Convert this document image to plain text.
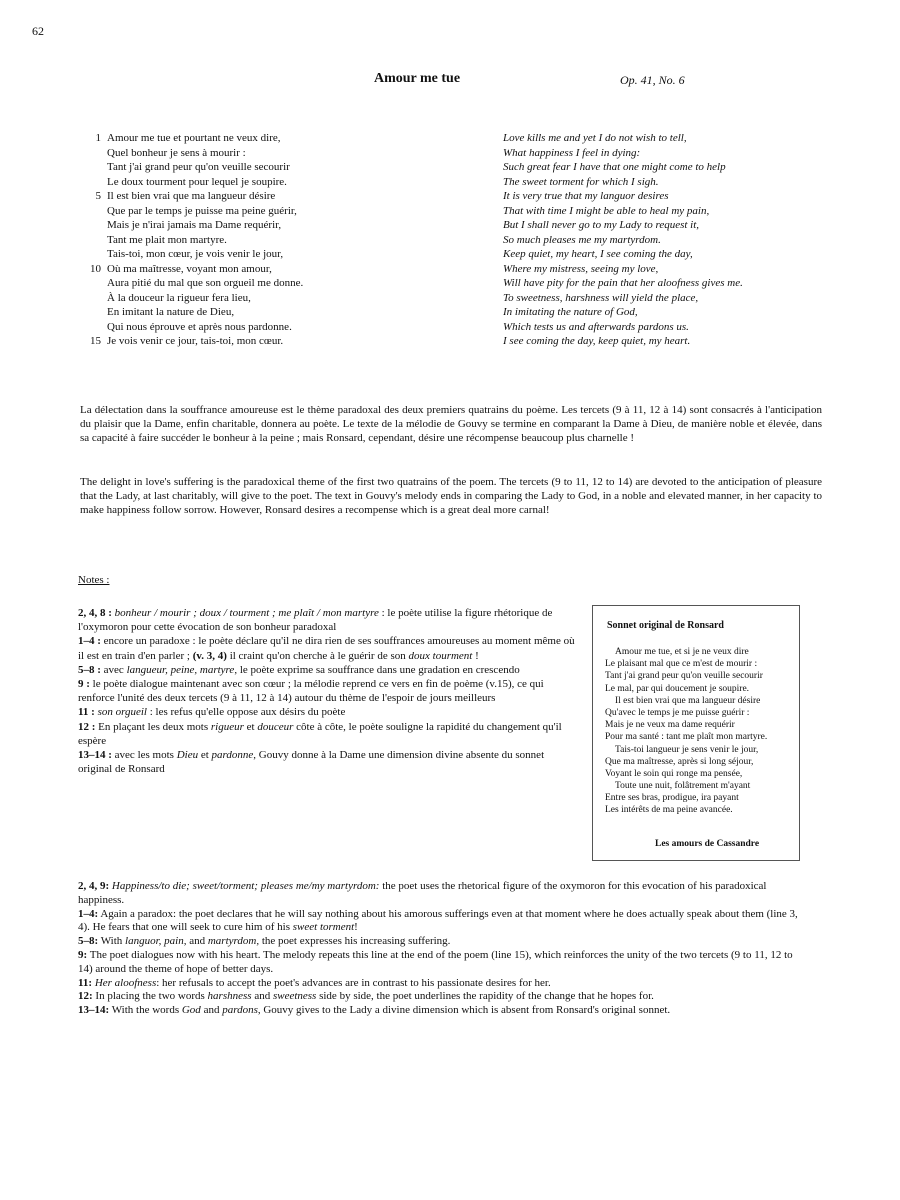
62
Amour me tue	Op. 41, No. 6
1 Amour me tue et pourtant ne veux dire,
Quel bonheur je sens à mourir :
Tant j'ai grand peur qu'on veuille secourir
Le doux tourment pour lequel je soupire.
5 Il est bien vrai que ma langueur désire
Que par le temps je puisse ma peine guérir,
Mais je n'irai jamais ma Dame requérir,
Tant me plait mon martyre.
Tais-toi, mon cœur, je vois venir le jour,
10 Où ma maîtresse, voyant mon amour,
Aura pitié du mal que son orgueil me donne.
À la douceur la rigueur fera lieu,
En imitant la nature de Dieu,
Qui nous éprouve et après nous pardonne.
15 Je vois venir ce jour, tais-toi, mon cœur.
Love kills me and yet I do not wish to tell,
What happiness I feel in dying:
Such great fear I have that one might come to help
The sweet torment for which I sigh.
It is very true that my languor desires
That with time I might be able to heal my pain,
But I shall never go to my Lady to request it,
So much pleases me my martyrdom.
Keep quiet, my heart, I see coming the day,
Where my mistress, seeing my love,
Will have pity for the pain that her aloofness gives me.
To sweetness, harshness will yield the place,
In imitating the nature of God,
Which tests us and afterwards pardons us.
I see coming the day, keep quiet, my heart.

La délectation dans la souffrance amoureuse est le thème paradoxal des deux premiers quatrains du poème. Les tercets (9 à 11, 12 à 14) sont consacrés à l'anticipation du plaisir que la Dame, enfin charitable, donnera au poète. Le texte de la mélodie de Gouvy se termine en comparant la Dame à Dieu, de manière noble et élevée, dans sa capacité à faire succéder le bonheur à la peine ; mais Ronsard, cependant, désire une récompense beaucoup plus charnelle !

The delight in love's suffering is the paradoxical theme of the first two quatrains of the poem. The tercets (9 to 11, 12 to 14) are devoted to the anticipation of pleasure that the Lady, at last charitably, will give to the poet. The text in Gouvy's melody ends in comparing the Lady to God, in a noble and elevated manner, in her capacity to make happiness follow sorrow. However, Ronsard desires a recompense which is a great deal more carnal!

Notes :

2, 4, 8 : bonheur / mourir ; doux / tourment ; me plaît / mon martyre : le poète utilise la figure rhétorique de l'oxymoron pour cette évocation de son bonheur paradoxal

1–4 : encore un paradoxe : le poète déclare qu'il ne dira rien de ses souffrances amoureuses au moment même où il est en train d'en parler ; (v. 3, 4) il craint qu'on cherche à le guérir de son doux tourment !

5–8 : avec langueur, peine, martyre, le poète exprime sa souffrance dans une gradation en crescendo

9 : le poète dialogue maintenant avec son cœur ; la mélodie reprend ce vers en fin de poème (v.15), ce qui renforce l'unité des deux tercets (9 à 11, 12 à 14) autour du thème de l'espoir de jours meilleurs

11 : son orgueil : les refus qu'elle oppose aux désirs du poète

12 : En plaçant les deux mots rigueur et douceur côte à côte, le poète souligne la rapidité du changement qu'il espère

13–14 : avec les mots Dieu et pardonne, Gouvy donne à la Dame une dimension divine absente du sonnet original de Ronsard

Sonnet original de Ronsard
Amour me tue, et si je ne veux dire
Le plaisant mal que ce m'est de mourir :
Tant j'ai grand peur qu'on veuille secourir
Le mal, par qui doucement je soupire.
Il est bien vrai que ma langueur désire
Qu'avec le temps je me puisse guérir :
Mais je ne veux ma dame requérir
Pour ma santé : tant me plaît mon martyre.
Tais-toi langueur je sens venir le jour,
Que ma maîtresse, après si long séjour,
Voyant le soin qui ronge ma pensée,
Toute une nuit, folâtrement m'ayant
Entre ses bras, prodigue, ira payant
Les intérêts de ma peine avancée.
Les amours de Cassandre

2, 4, 9: Happiness/to die; sweet/torment; pleases me/my martyrdom: the poet uses the rhetorical figure of the oxymoron for this evocation of his paradoxical happiness.

1–4: Again a paradox: the poet declares that he will say nothing about his amorous sufferings even at that moment where he does actually speak about them (line 3, 4). He fears that one will seek to cure him of his sweet torment!

5–8: With languor, pain, and martyrdom, the poet expresses his increasing suffering.

9: The poet dialogues now with his heart. The melody repeats this line at the end of the poem (line 15), which reinforces the unity of the two tercets (9 to 11, 12 to 14) around the theme of hope of better days.

11: Her aloofness: her refusals to accept the poet's advances are in contrast to his passionate desires for her.

12: In placing the two words harshness and sweetness side by side, the poet underlines the rapidity of the change that he hopes for.

13–14: With the words God and pardons, Gouvy gives to the Lady a divine dimension which is absent from Ronsard's original sonnet.
